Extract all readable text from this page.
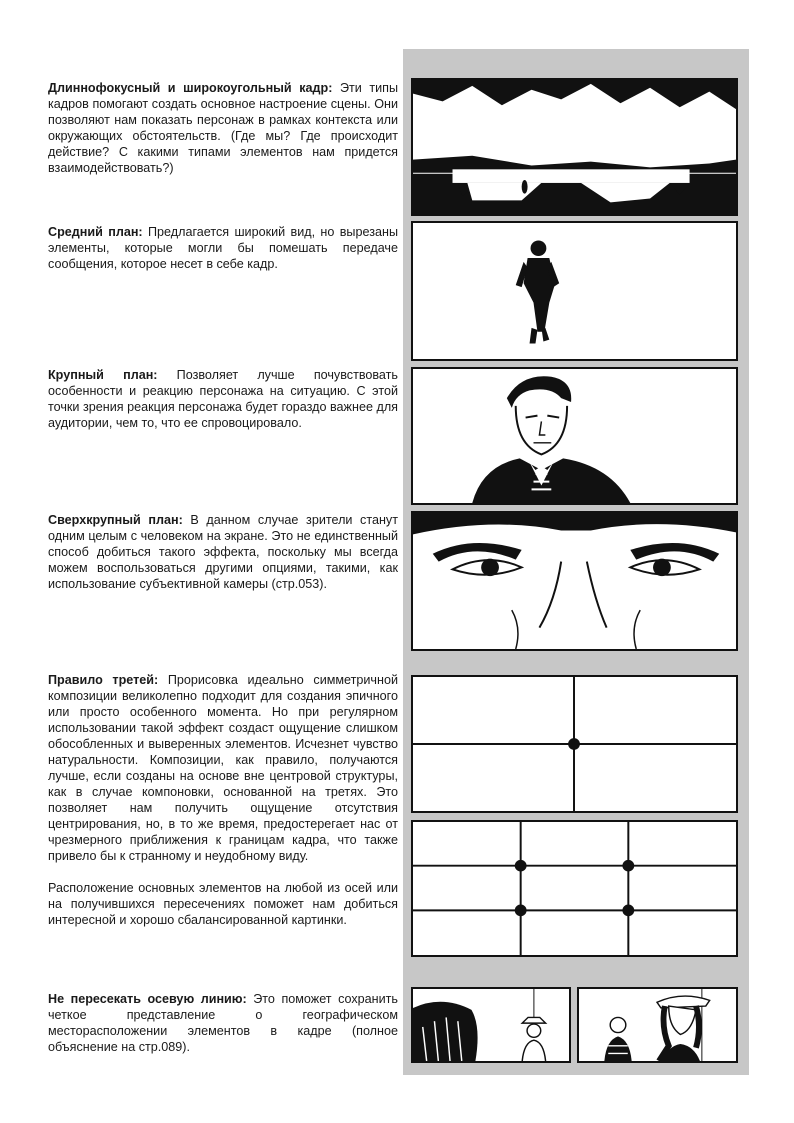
Длиннофокусный и широкоугольный кадр: Эти типы кадров помогают создать основное настроение сцены. Они позволяют нам показать персонаж в рамках контекста или окружающих обстоятельств. (Где мы? Где происходит действие? С какими типами элементов нам придется взаимодействовать?)

Средний план: Предлагается широкий вид, но вырезаны элементы, которые могли бы помешать передаче сообщения, которое несет в себе кадр.

Крупный план: Позволяет лучше почувствовать особенности и реакцию персонажа на ситуацию. С этой точки зрения реакция персонажа будет гораздо важнее для аудитории, чем то, что ее спровоцировало.

Сверхкрупный план: В данном случае зрители станут одним целым с человеком на экране. Это не единственный способ добиться такого эффекта, поскольку мы всегда можем воспользоваться другими опциями, такими, как использование субъективной камеры (стр.053).

Правило третей: Прорисовка идеально симметричной композиции великолепно подходит для создания эпичного или просто особенного момента. Но при регулярном использовании такой эффект создаст ощущение слишком обособленных и выверенных элементов. Исчезнет чувство натуральности. Композиции, как правило, получаются лучше, если созданы на основе вне центровой структуры, как в случае компоновки, основанной на третях. Это позволяет нам получить ощущение отсутствия центрирования, но, в то же время, предостерегает нас от чрезмерного приближения к границам кадра, что также привело бы к странному и неудобному виду.

Расположение основных элементов на любой из осей или на получившихся пересечениях поможет нам добиться интересной и хорошо сбалансированной картинки.

Не пересекать осевую линию: Это поможет сохранить четкое представление о географическом месторасположении элементов в кадре (полное объяснение на стр.089).
